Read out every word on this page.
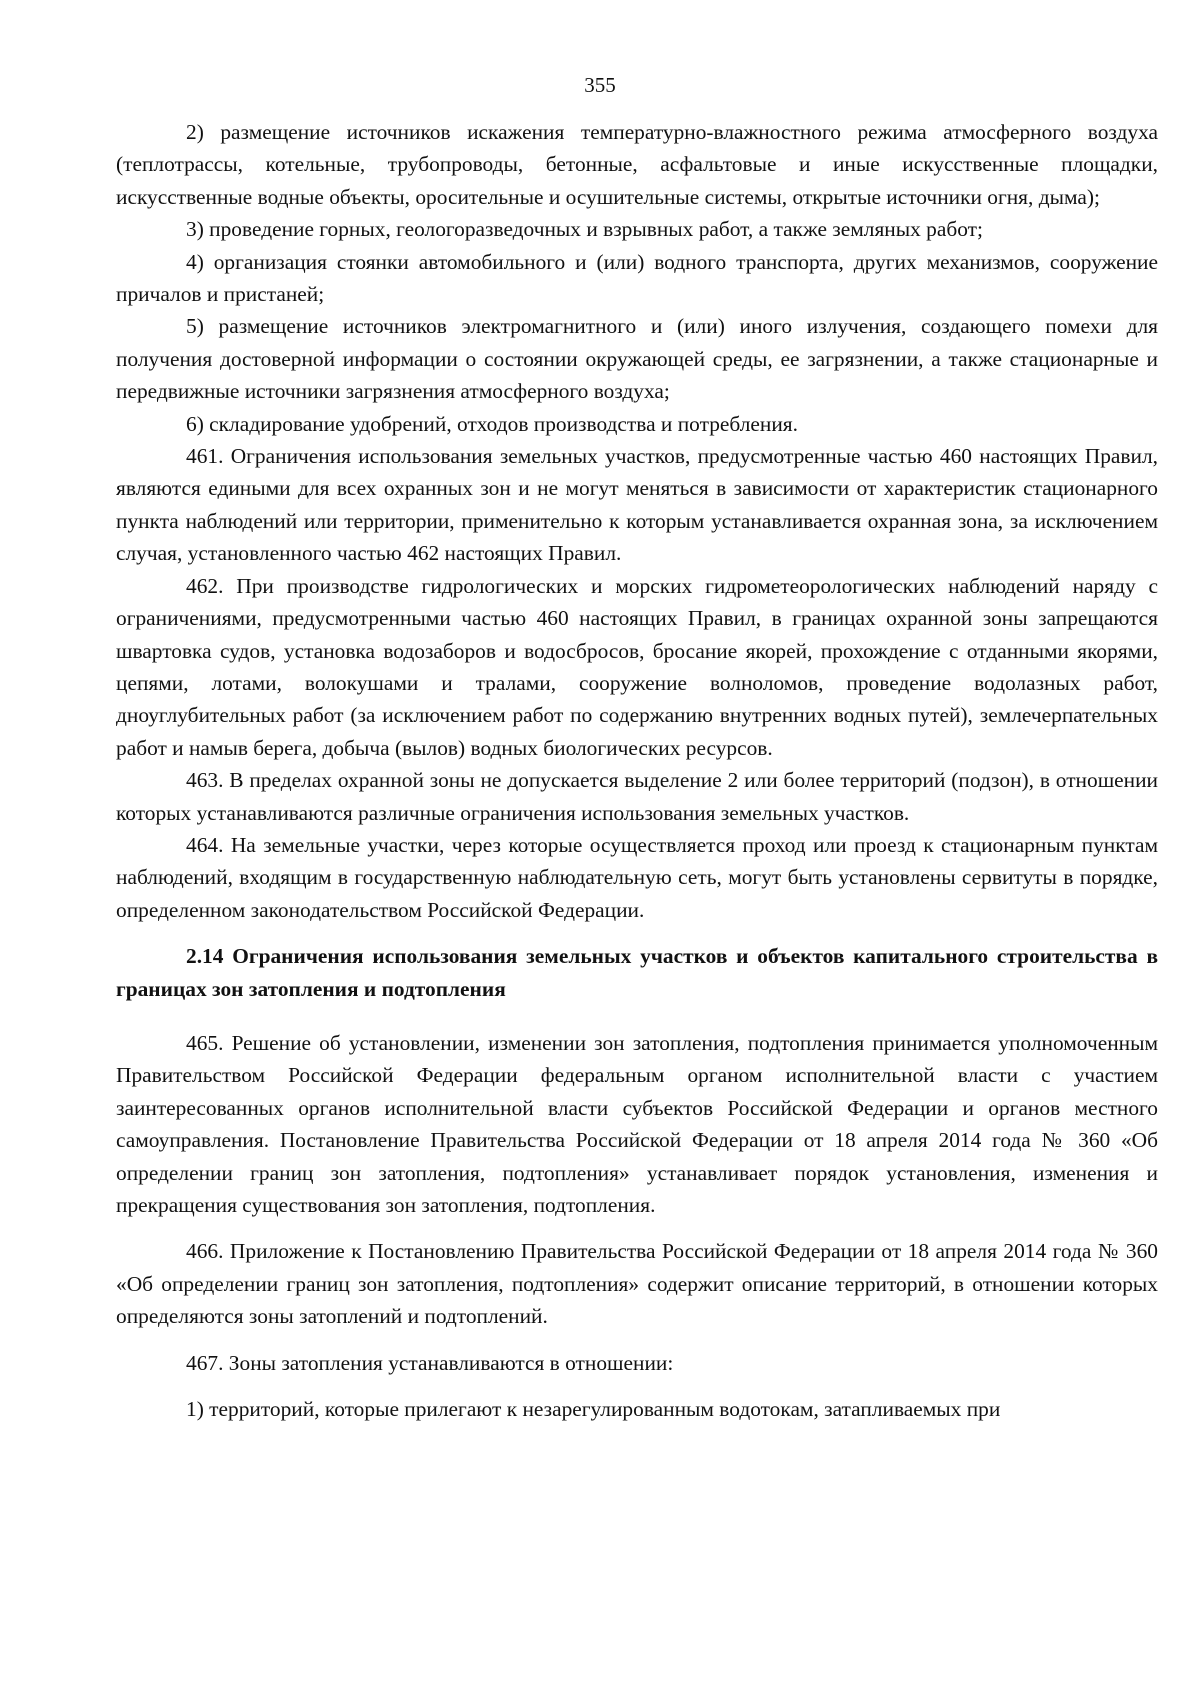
355

2) размещение источников искажения температурно-влажностного режима атмосферного воздуха (теплотрассы, котельные, трубопроводы, бетонные, асфальтовые и иные искусственные площадки, искусственные водные объекты, оросительные и осушительные системы, открытые источники огня, дыма);

3) проведение горных, геологоразведочных и взрывных работ, а также земляных работ;

4) организация стоянки автомобильного и (или) водного транспорта, других механизмов, сооружение причалов и пристаней;

5) размещение источников электромагнитного и (или) иного излучения, создающего помехи для получения достоверной информации о состоянии окружающей среды, ее загрязнении, а также стационарные и передвижные источники загрязнения атмосферного воздуха;

6) складирование удобрений, отходов производства и потребления.

461. Ограничения использования земельных участков, предусмотренные частью 460 настоящих Правил, являются едиными для всех охранных зон и не могут меняться в зависимости от характеристик стационарного пункта наблюдений или территории, применительно к которым устанавливается охранная зона, за исключением случая, установленного частью 462 настоящих Правил.

462. При производстве гидрологических и морских гидрометеорологических наблюдений наряду с ограничениями, предусмотренными частью 460 настоящих Правил, в границах охранной зоны запрещаются швартовка судов, установка водозаборов и водосбросов, бросание якорей, прохождение с отданными якорями, цепями, лотами, волокушами и тралами, сооружение волноломов, проведение водолазных работ, дноуглубительных работ (за исключением работ по содержанию внутренних водных путей), землечерпательных работ и намыв берега, добыча (вылов) водных биологических ресурсов.

463. В пределах охранной зоны не допускается выделение 2 или более территорий (подзон), в отношении которых устанавливаются различные ограничения использования земельных участков.

464. На земельные участки, через которые осуществляется проход или проезд к стационарным пунктам наблюдений, входящим в государственную наблюдательную сеть, могут быть установлены сервитуты в порядке, определенном законодательством Российской Федерации.

2.14 Ограничения использования земельных участков и объектов капитального строительства в границах зон затопления и подтопления

465. Решение об установлении, изменении зон затопления, подтопления принимается уполномоченным Правительством Российской Федерации федеральным органом исполнительной власти с участием заинтересованных органов исполнительной власти субъектов Российской Федерации и органов местного самоуправления. Постановление Правительства Российской Федерации от 18 апреля 2014 года № 360 «Об определении границ зон затопления, подтопления» устанавливает порядок установления, изменения и прекращения существования зон затопления, подтопления.

466. Приложение к Постановлению Правительства Российской Федерации от 18 апреля 2014 года № 360 «Об определении границ зон затопления, подтопления» содержит описание территорий, в отношении которых определяются зоны затоплений и подтоплений.

467. Зоны затопления устанавливаются в отношении:

1) территорий, которые прилегают к незарегулированным водотокам, затапливаемых при
